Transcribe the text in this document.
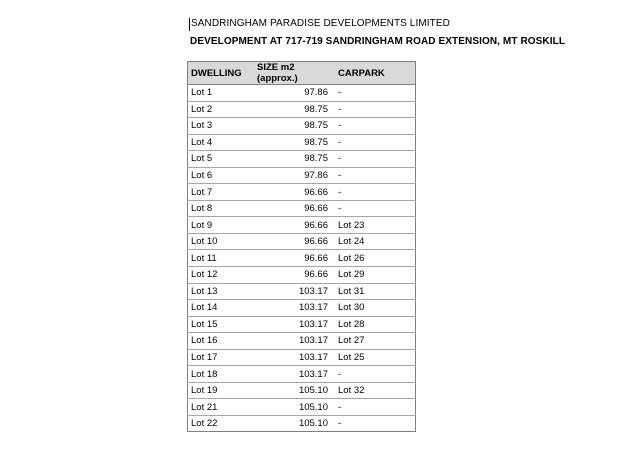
SANDRINGHAM PARADISE DEVELOPMENTS LIMITED
DEVELOPMENT AT 717-719 SANDRINGHAM ROAD EXTENSION, MT ROSKILL
DWELLING	SIZE m2 (approx.)	CARPARK	
Lot 1	97.86	-	
Lot 2	98.75	-	
Lot 3	98.75	-	
Lot 4	98.75	-	
Lot 5	98.75	-	
Lot 6	97.86	-	
Lot 7	96.66	-	
Lot 8	96.66	-	
Lot 9	96.66	Lot 23	
Lot 10	96.66	Lot 24	
Lot 11	96.66	Lot 26	
Lot 12	96.66	Lot 29	
Lot 13	103.17	Lot 31	
Lot 14	103.17	Lot 30	
Lot 15	103.17	Lot 28	
Lot 16	103.17	Lot 27	
Lot 17	103.17	Lot 25	
Lot 18	103.17	-	
Lot 19	105.10	Lot 32	
Lot 21	105.10	-	
Lot 22	105.10	-	
